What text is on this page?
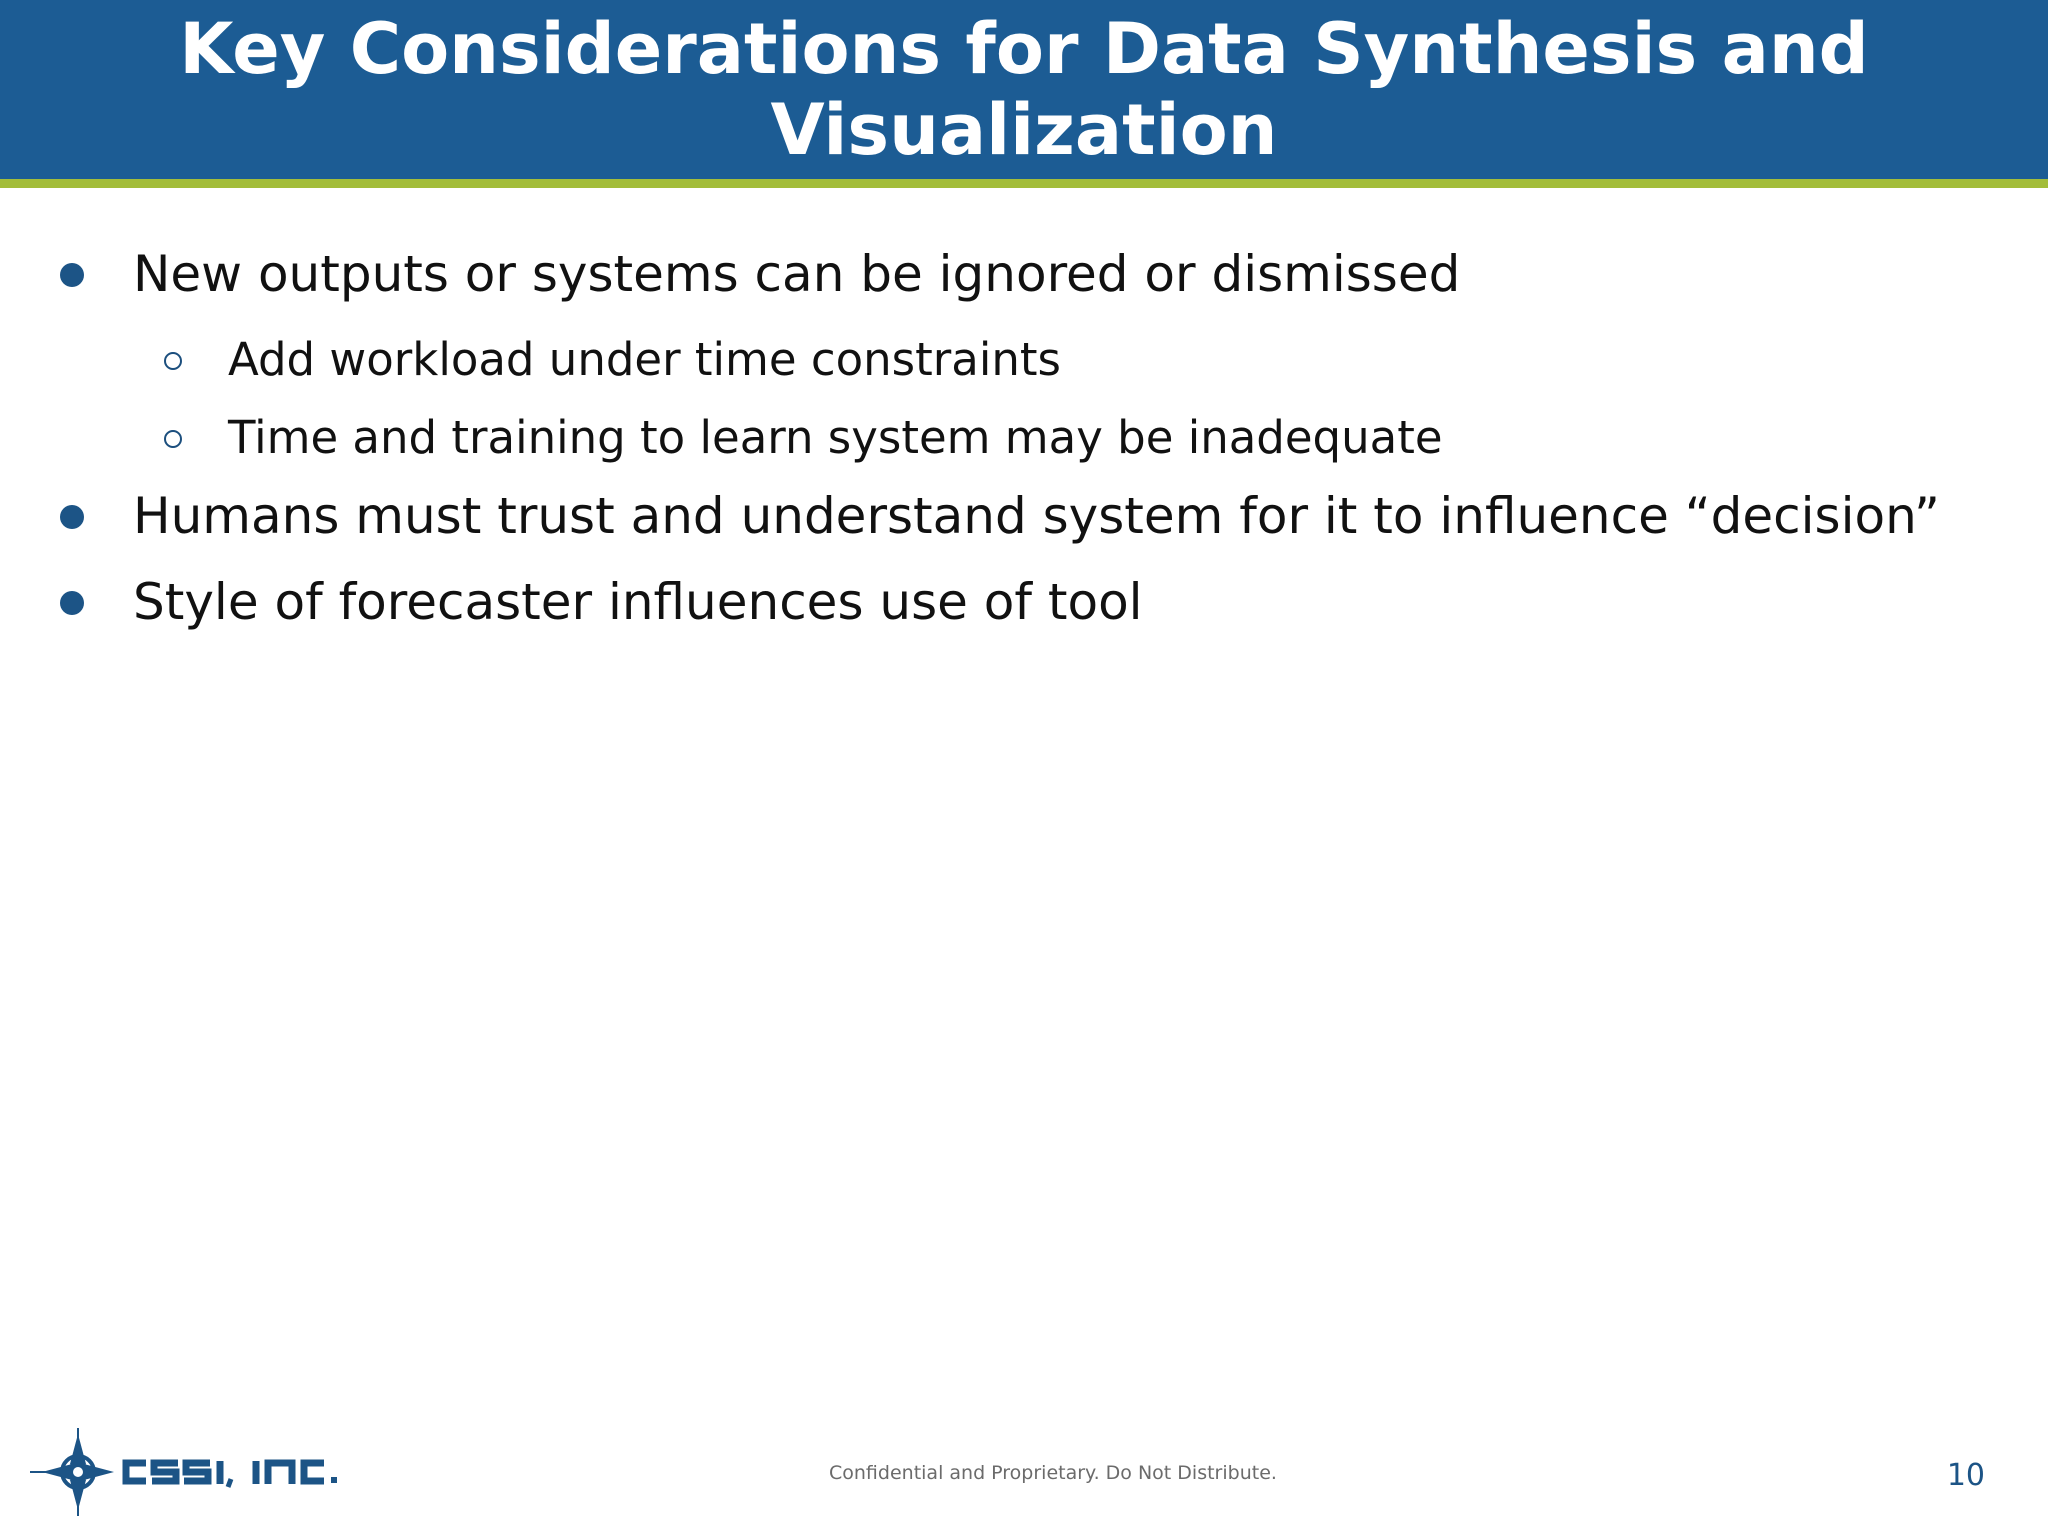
Key Considerations for Data Synthesis and Visualization
New outputs or systems can be ignored or dismissed
Add workload under time constraints
Time and training to learn system may be inadequate
Humans must trust and understand system for it to influence “decision”
Style of forecaster influences use of tool
Confidential and Proprietary. Do Not Distribute.	10
